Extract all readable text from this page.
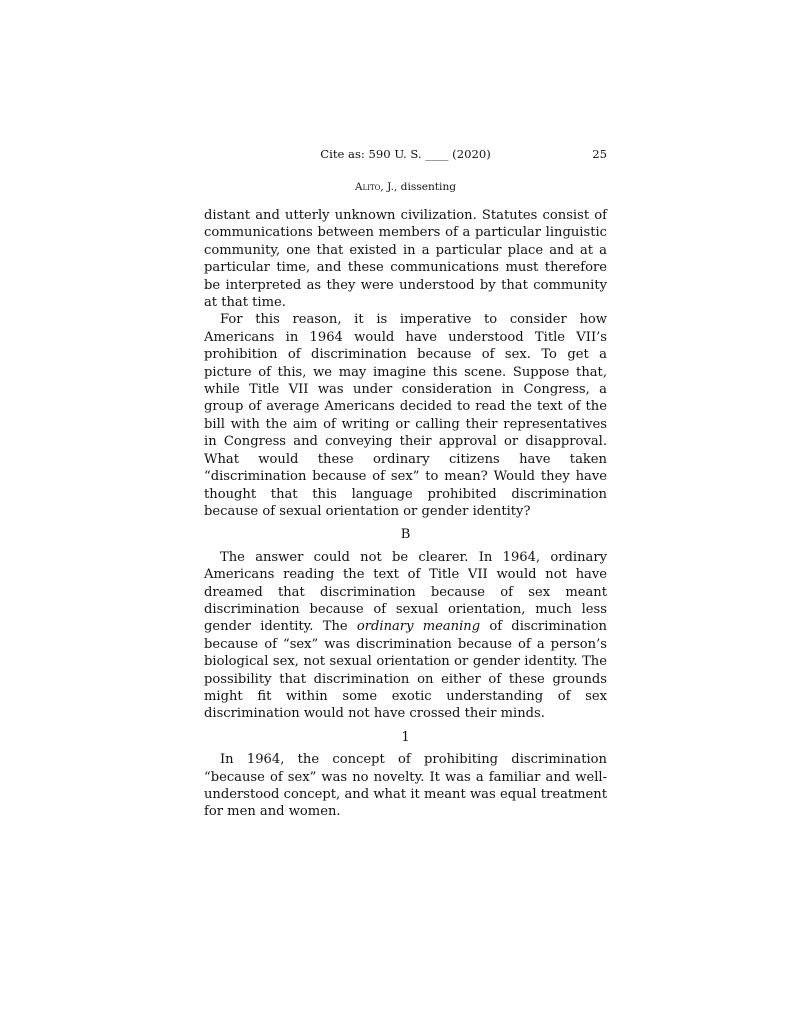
Cite as: 590 U. S. ____ (2020)	25
Alito, J., dissenting

distant and utterly unknown civilization. Statutes consist of communications between members of a particular linguistic community, one that existed in a particular place and at a particular time, and these communications must therefore be interpreted as they were understood by that community at that time.

For this reason, it is imperative to consider how Americans in 1964 would have understood Title VII’s prohibition of discrimination because of sex. To get a picture of this, we may imagine this scene. Suppose that, while Title VII was under consideration in Congress, a group of average Americans decided to read the text of the bill with the aim of writing or calling their representatives in Congress and conveying their approval or disapproval. What would these ordinary citizens have taken “discrimination because of sex” to mean? Would they have thought that this language prohibited discrimination because of sexual orientation or gender identity?

B

The answer could not be clearer. In 1964, ordinary Americans reading the text of Title VII would not have dreamed that discrimination because of sex meant discrimination because of sexual orientation, much less gender identity. The ordinary meaning of discrimination because of “sex” was discrimination because of a person’s biological sex, not sexual orientation or gender identity. The possibility that discrimination on either of these grounds might fit within some exotic understanding of sex discrimination would not have crossed their minds.

1

In 1964, the concept of prohibiting discrimination “because of sex” was no novelty. It was a familiar and well-understood concept, and what it meant was equal treatment for men and women.
